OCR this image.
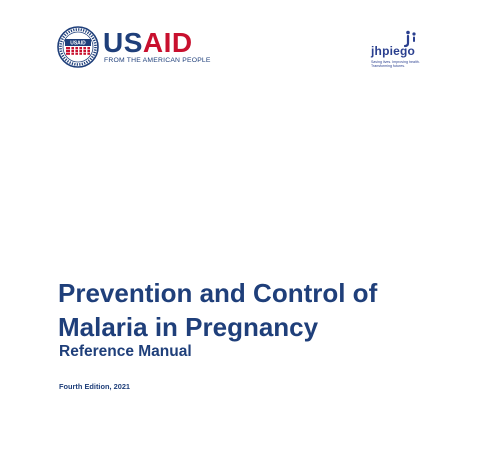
USAID USAID
FROM THE AMERICAN PEOPLE
jhpiego
Saving lives. Improving health. Transforming futures.
Prevention and Control of Malaria in Pregnancy
Reference Manual
Fourth Edition, 2021
